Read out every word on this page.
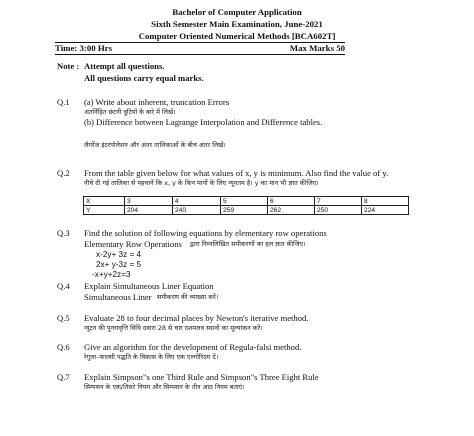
Bachelor of Computer Application
Sixth Semester Main Examination, June-2021
Computer Oriented Numerical Methods [BCA602T]
Time: 3:00 Hrs	Max Marks 50
Note : Attempt all questions.
All questions carry equal marks.
Q.1 (a) Write about inherent, truncation Errors
अंतर्निहित छंटनी त्रुटियों के बारे में लिखें।
(b) Difference between Lagrange Interpolation and Difference tables.
लैगरेंज इंटरपोलेशन और अंतर तालिकाओं के बीच अंतर लिखें।
Q.2 From the table given below for what values of x, y is minimum. Also find the value of y.
नीचे दी गई तालिका से पहचानें कि x, y के किन मानों के लिए न्यूनतम है। y का मान भी ज्ञात कीजिए।
X	3	4	5	6	7	8
Y	204	240	259	262	250	224
Q.3 Find the solution of following equations by elementary row operations
Elementary Row Operations द्वारा निम्नलिखित समीकरणों का हल ज्ञात कीजिए।
x-2y+ 3z = 4
2x+ y-3z = 5
-x+y+2z=3
Q.4 Explain Simultaneous Liner Equation
Simultaneous Liner समीकरण की व्याख्या करें।
Q.5 Evaluate 28 to four decimal places by Newton's iterative method.
न्यूटन की पुनरावृत्ति विधि दवारा 28 से चार दशमलव स्थानों का मूल्यांकन करें।
Q.6 Give an algorithm for the development of Regula-falsi method.
रेगुला–फाल्सी पद्धति के विकास के लिए एक एल्गोरिदम दें।
Q.7 Explain Simpson"s one Third Rule and Simpson"s Three Eight Rule
सिम्पसन के एक/तिसरे नियम और सिम्पसन के तीन आठ नियम बताएं।
